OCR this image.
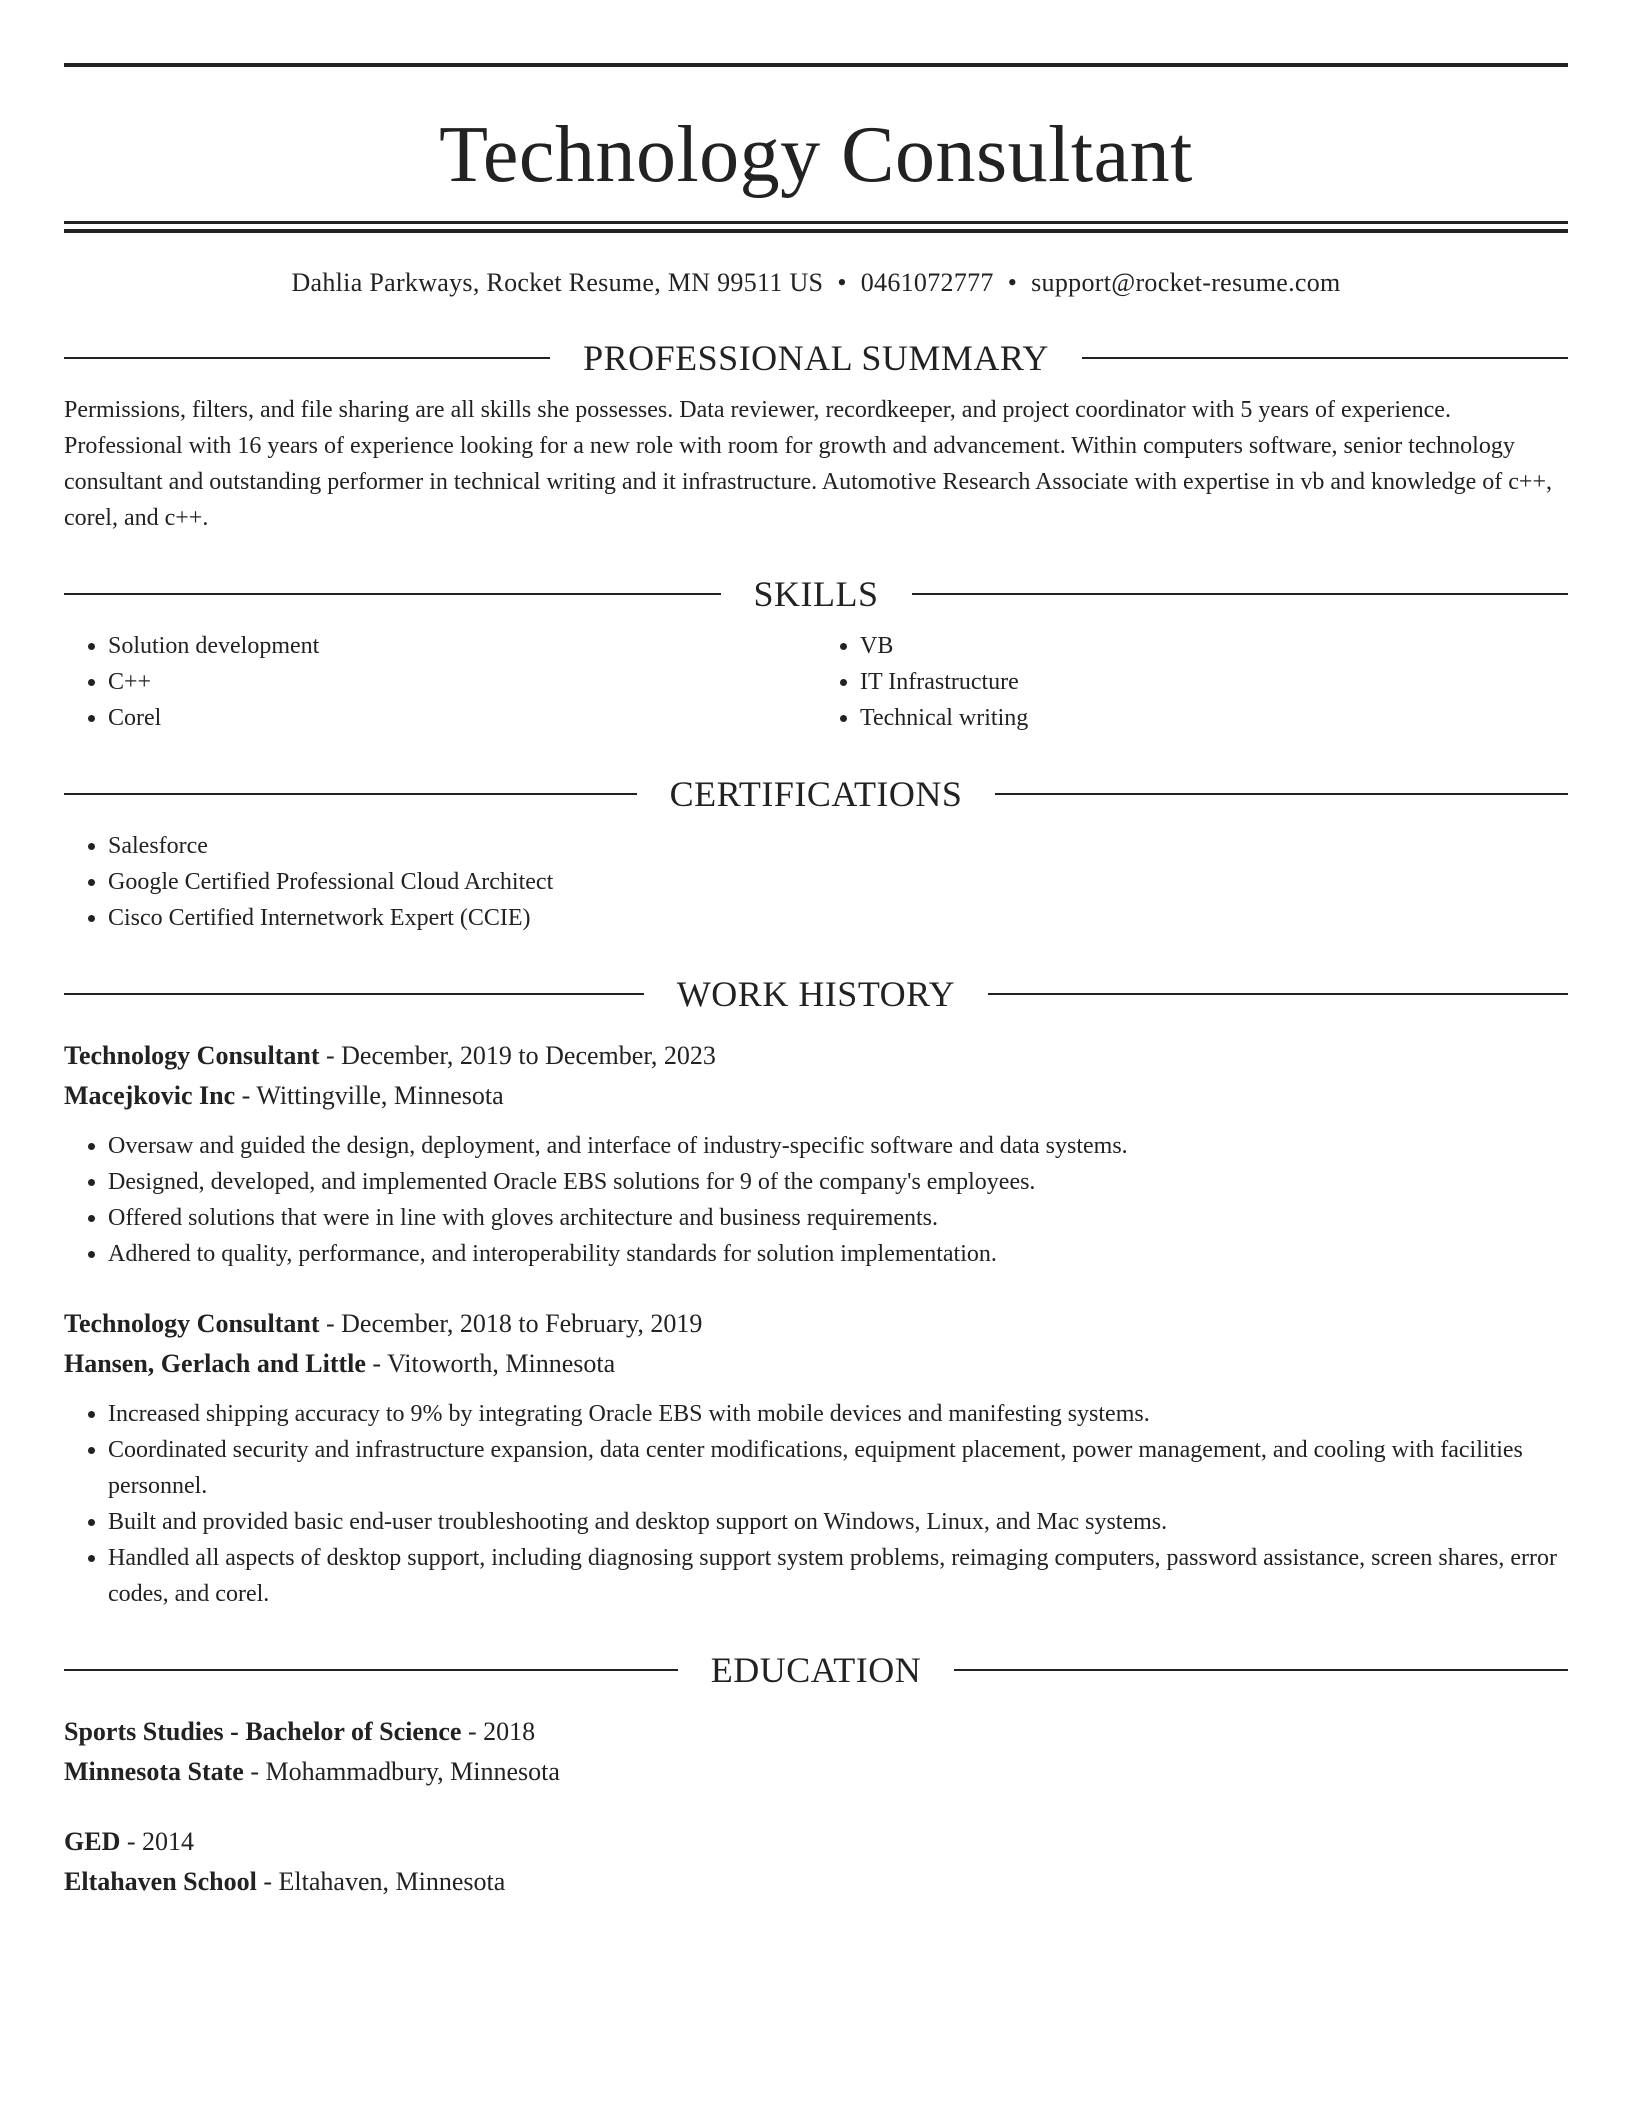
Technology Consultant
Dahlia Parkways, Rocket Resume, MN 99511 US • 0461072777 • support@rocket-resume.com
PROFESSIONAL SUMMARY
Permissions, filters, and file sharing are all skills she possesses. Data reviewer, recordkeeper, and project coordinator with 5 years of experience. Professional with 16 years of experience looking for a new role with room for growth and advancement. Within computers software, senior technology consultant and outstanding performer in technical writing and it infrastructure. Automotive Research Associate with expertise in vb and knowledge of c++, corel, and c++.
SKILLS
• Solution development
• C++
• Corel
• VB
• IT Infrastructure
• Technical writing
CERTIFICATIONS
• Salesforce
• Google Certified Professional Cloud Architect
• Cisco Certified Internetwork Expert (CCIE)
WORK HISTORY
Technology Consultant - December, 2019 to December, 2023
Macejkovic Inc - Wittingville, Minnesota
• Oversaw and guided the design, deployment, and interface of industry-specific software and data systems.
• Designed, developed, and implemented Oracle EBS solutions for 9 of the company's employees.
• Offered solutions that were in line with gloves architecture and business requirements.
• Adhered to quality, performance, and interoperability standards for solution implementation.
Technology Consultant - December, 2018 to February, 2019
Hansen, Gerlach and Little - Vitoworth, Minnesota
• Increased shipping accuracy to 9% by integrating Oracle EBS with mobile devices and manifesting systems.
• Coordinated security and infrastructure expansion, data center modifications, equipment placement, power management, and cooling with facilities personnel.
• Built and provided basic end-user troubleshooting and desktop support on Windows, Linux, and Mac systems.
• Handled all aspects of desktop support, including diagnosing support system problems, reimaging computers, password assistance, screen shares, error codes, and corel.
EDUCATION
Sports Studies - Bachelor of Science - 2018
Minnesota State - Mohammadbury, Minnesota
GED - 2014
Eltahaven School - Eltahaven, Minnesota
